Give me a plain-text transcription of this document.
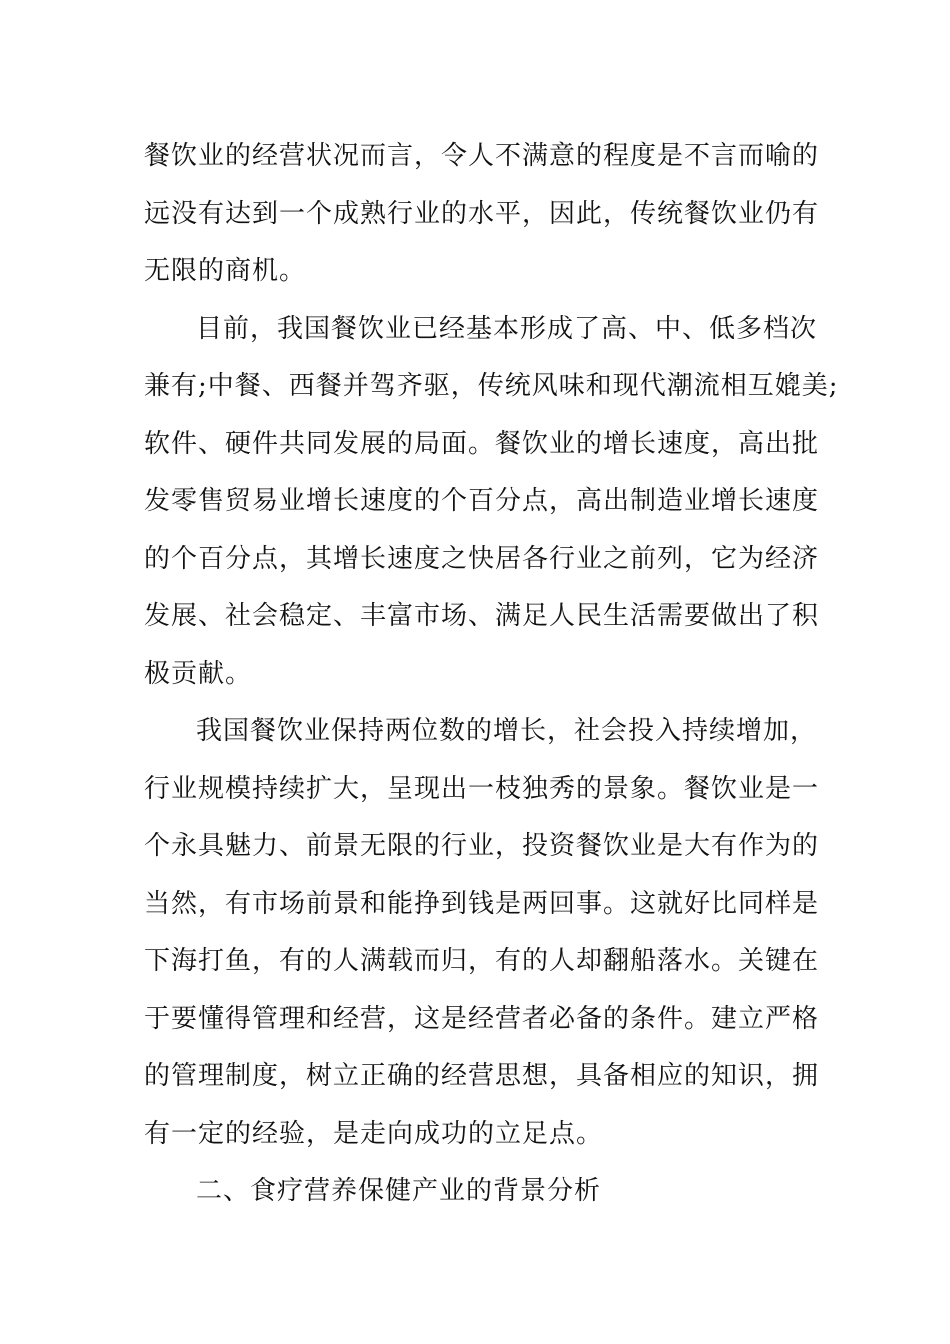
餐饮业的经营状况而言，令人不满意的程度是不言而喻的
远没有达到一个成熟行业的水平，因此，传统餐饮业仍有
无限的商机。

目前，我国餐饮业已经基本形成了高、中、低多档次
兼有;中餐、西餐并驾齐驱，传统风味和现代潮流相互媲美;
软件、硬件共同发展的局面。餐饮业的增长速度，高出批
发零售贸易业增长速度的个百分点，高出制造业增长速度
的个百分点，其增长速度之快居各行业之前列，它为经济
发展、社会稳定、丰富市场、满足人民生活需要做出了积
极贡献。

我国餐饮业保持两位数的增长，社会投入持续增加，
行业规模持续扩大，呈现出一枝独秀的景象。餐饮业是一
个永具魅力、前景无限的行业，投资餐饮业是大有作为的
当然，有市场前景和能挣到钱是两回事。这就好比同样是
下海打鱼，有的人满载而归，有的人却翻船落水。关键在
于要懂得管理和经营，这是经营者必备的条件。建立严格
的管理制度，树立正确的经营思想，具备相应的知识，拥
有一定的经验，是走向成功的立足点。

二、食疗营养保健产业的背景分析
